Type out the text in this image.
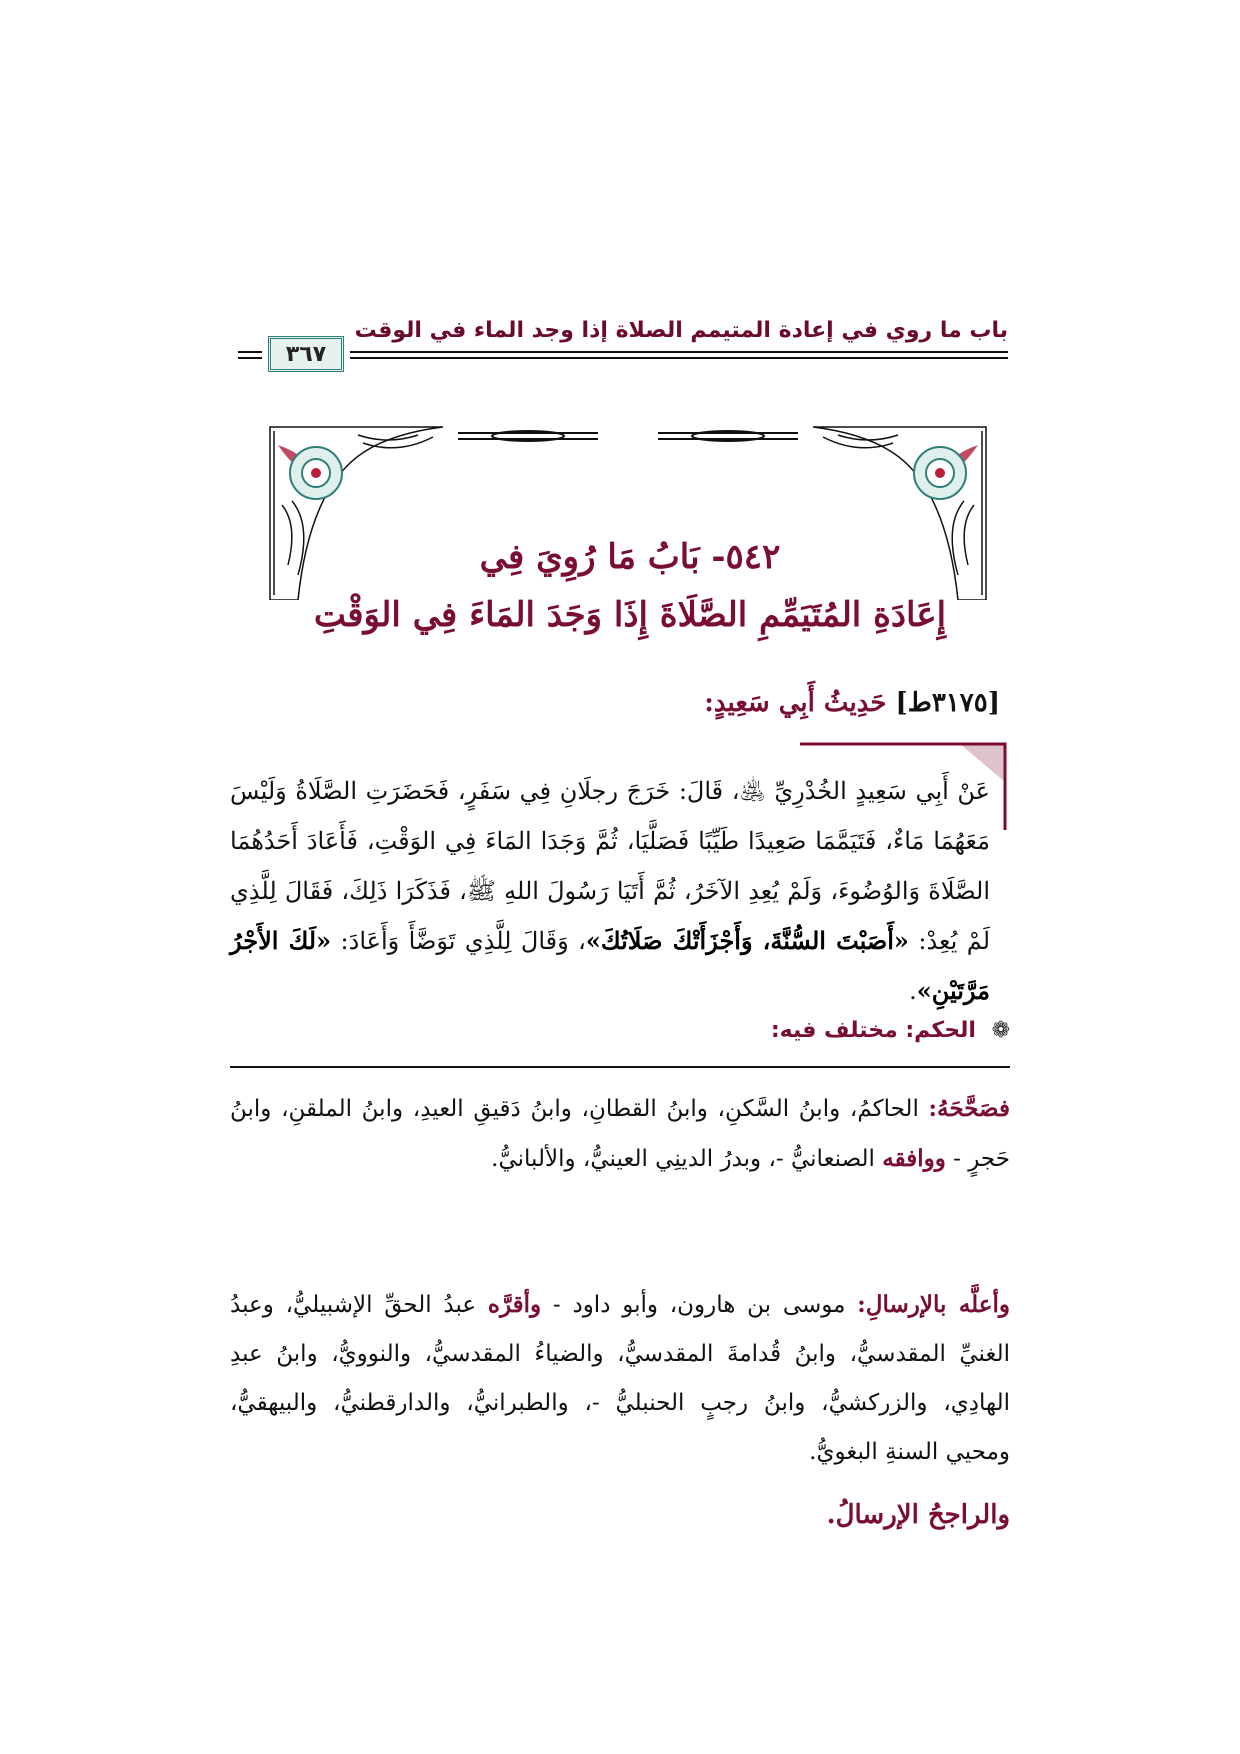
باب ما روي في إعادة المتيمم الصلاة إذا وجد الماء في الوقت
٣٦٧
٥٤٢- بَابُ مَا رُوِيَ فِي
إِعَادَةِ المُتَيَمِّمِ الصَّلَاةَ إِذَا وَجَدَ المَاءَ فِي الوَقْتِ
[٣١٧٥ط] حَدِيثُ أَبِي سَعِيدٍ:
عَنْ أَبِي سَعِيدٍ الخُدْرِيِّ ﵁، قَالَ: خَرَجَ رجلَانِ فِي سَفَرٍ، فَحَضَرَتِ الصَّلَاةُ وَلَيْسَ مَعَهُمَا مَاءٌ، فَتَيَمَّمَا صَعِيدًا طَيِّبًا فَصَلَّيَا، ثُمَّ وَجَدَا المَاءَ فِي الوَقْتِ، فَأَعَادَ أَحَدُهُمَا الصَّلَاةَ وَالوُضُوءَ، وَلَمْ يُعِدِ الآخَرُ، ثُمَّ أَتَيَا رَسُولَ اللهِ ﷺ، فَذَكَرَا ذَلِكَ، فَقَالَ لِلَّذِي لَمْ يُعِدْ: «أَصَبْتَ السُّنَّةَ، وَأَجْزَأَتْكَ صَلَاتُكَ»، وَقَالَ لِلَّذِي تَوَضَّأَ وَأَعَادَ: «لَكَ الأَجْرُ مَرَّتَيْنِ».
❁ الحكم: مختلف فيه:
فصَحَّحَهُ: الحاكمُ، وابنُ السَّكنِ، وابنُ القطانِ، وابنُ دَقيقِ العيدِ، وابنُ الملقنِ، وابنُ حَجرٍ - ووافقه الصنعانيُّ -، وبدرُ الدينِي العينيُّ، والألبانيُّ.
وأعلَّه بالإرسالِ: موسى بن هارون، وأبو داود - وأقرَّه عبدُ الحقِّ الإشبيليُّ، وعبدُ الغنيِّ المقدسيُّ، وابنُ قُدامةَ المقدسيُّ، والضياءُ المقدسيُّ، والنوويُّ، وابنُ عبدِ الهادِي، والزركشيُّ، وابنُ رجبٍ الحنبليُّ -، والطبرانيُّ، والدارقطنيُّ، والبيهقيُّ، ومحيي السنةِ البغويُّ.
والراجحُ الإرسالُ.
